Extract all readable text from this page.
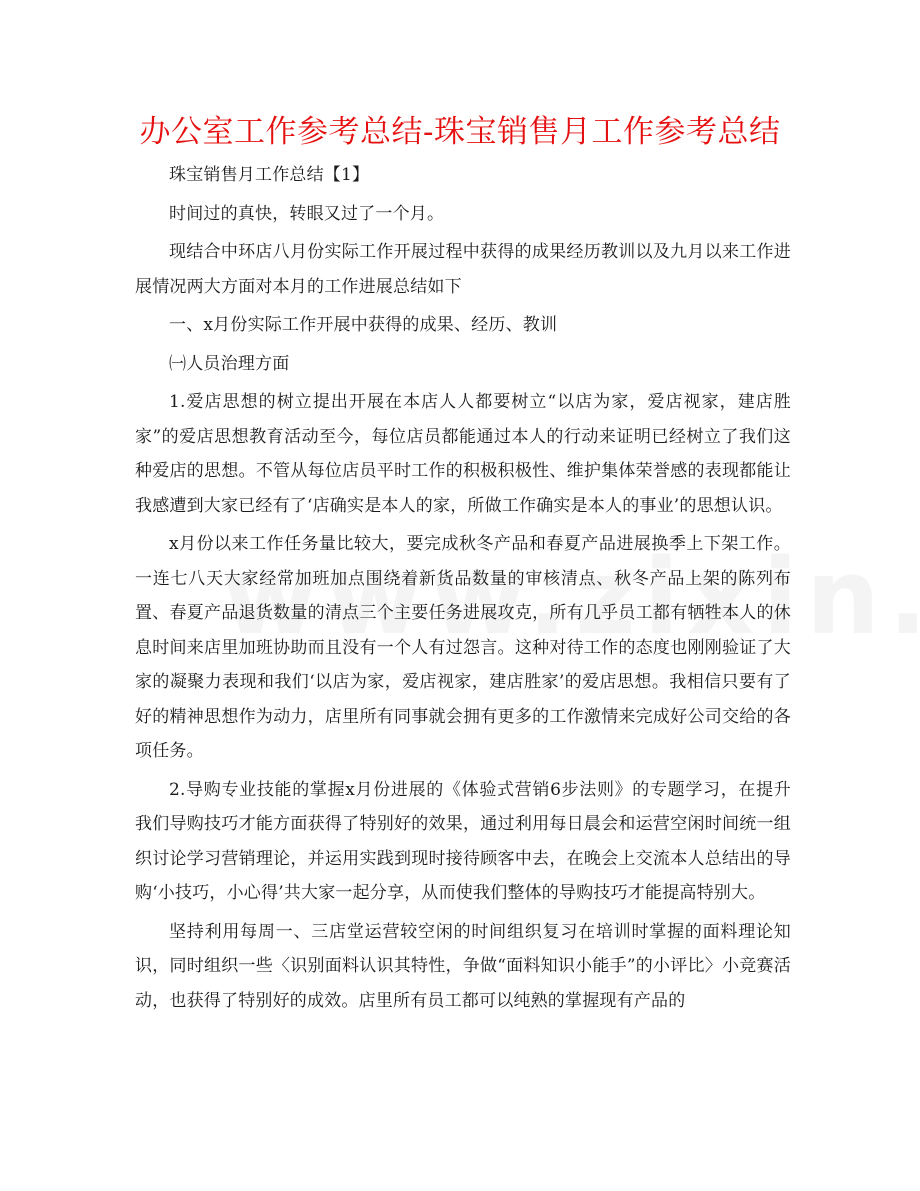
办公室工作参考总结-珠宝销售月工作参考总结

珠宝销售月工作总结【1】

时间过的真快，转眼又过了一个月。

现结合中环店八月份实际工作开展过程中获得的成果经历教训以及九月以来工作进展情况两大方面对本月的工作进展总结如下

一、x月份实际工作开展中获得的成果、经历、教训

㈠人员治理方面

1.爱店思想的树立提出开展在本店人人都要树立“以店为家，爱店视家，建店胜家”的爱店思想教育活动至今，每位店员都能通过本人的行动来证明已经树立了我们这种爱店的思想。不管从每位店员平时工作的积极积极性、维护集体荣誉感的表现都能让我感遭到大家已经有了‘店确实是本人的家，所做工作确实是本人的事业’的思想认识。

x月份以来工作任务量比较大，要完成秋冬产品和春夏产品进展换季上下架工作。一连七八天大家经常加班加点围绕着新货品数量的审核清点、秋冬产品上架的陈列布置、春夏产品退货数量的清点三个主要任务进展攻克，所有几乎员工都有牺牲本人的休息时间来店里加班协助而且没有一个人有过怨言。这种对待工作的态度也刚刚验证了大家的凝聚力表现和我们‘以店为家，爱店视家，建店胜家’的爱店思想。我相信只要有了好的精神思想作为动力，店里所有同事就会拥有更多的工作激情来完成好公司交给的各项任务。

2.导购专业技能的掌握x月份进展的《体验式营销6步法则》的专题学习，在提升我们导购技巧才能方面获得了特别好的效果，通过利用每日晨会和运营空闲时间统一组织讨论学习营销理论，并运用实践到现时接待顾客中去，在晚会上交流本人总结出的导购‘小技巧，小心得’共大家一起分享，从而使我们整体的导购技巧才能提高特别大。

坚持利用每周一、三店堂运营较空闲的时间组织复习在培训时掌握的面料理论知识，同时组织一些〈识别面料认识其特性，争做“面料知识小能手”的小评比〉小竞赛活动，也获得了特别好的成效。店里所有员工都可以纯熟的掌握现有产品的
